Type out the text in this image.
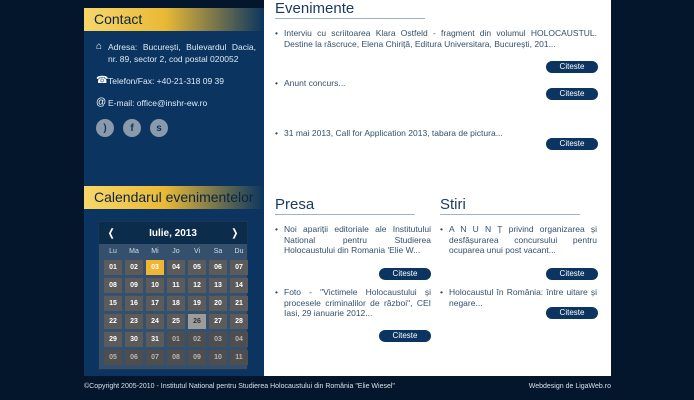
Contact
⌂ Adresa: București, Bulevardul Dacia, nr. 89, sector 2, cod postal 020052
☎ Telefon/Fax: +40-21-318 09 39
@ E-mail: office@inshr-ew.ro
)	f	s
Calendarul evenimentelor
❬	Iulie, 2013	❭
Lu	Ma	Mi	Jo	Vi	Sa	Du
01	02	03	04	05	06	07
08	09	10	11	12	13	14
15	16	17	18	19	20	21
22	23	24	25	26	27	28
29	30	31	01	02	03	04
05	06	07	08	09	10	11
Evenimente
• Interviu cu scriitoarea Klara Ostfeld - fragment din volumul HOLOCAUSTUL. Destine la răscruce, Elena Chiriță, Editura Universitara, București, 201...
Citeste
• Anunt concurs...
Citeste
• 31 mai 2013, Call for Application 2013, tabara de pictura...
Citeste
Presa
• Noi apariții editoriale ale Institutului National pentru Studierea Holocaustului din Romania 'Elie W...
Citeste
• Foto - "Victimele Holocaustului și procesele criminalilor de război", CEI Iasi, 29 ianuarie 2012...
Citeste
Stiri
• A N U N Ț privind organizarea și desfășurarea concursului pentru ocuparea unui post vacant...
Citeste
• Holocaustul în România: între uitare și negare...
Citeste
©Copyright 2005-2010 - Institutul National pentru Studierea Holocaustului din România "Elie Wiesel"	Webdesign de LigaWeb.ro
